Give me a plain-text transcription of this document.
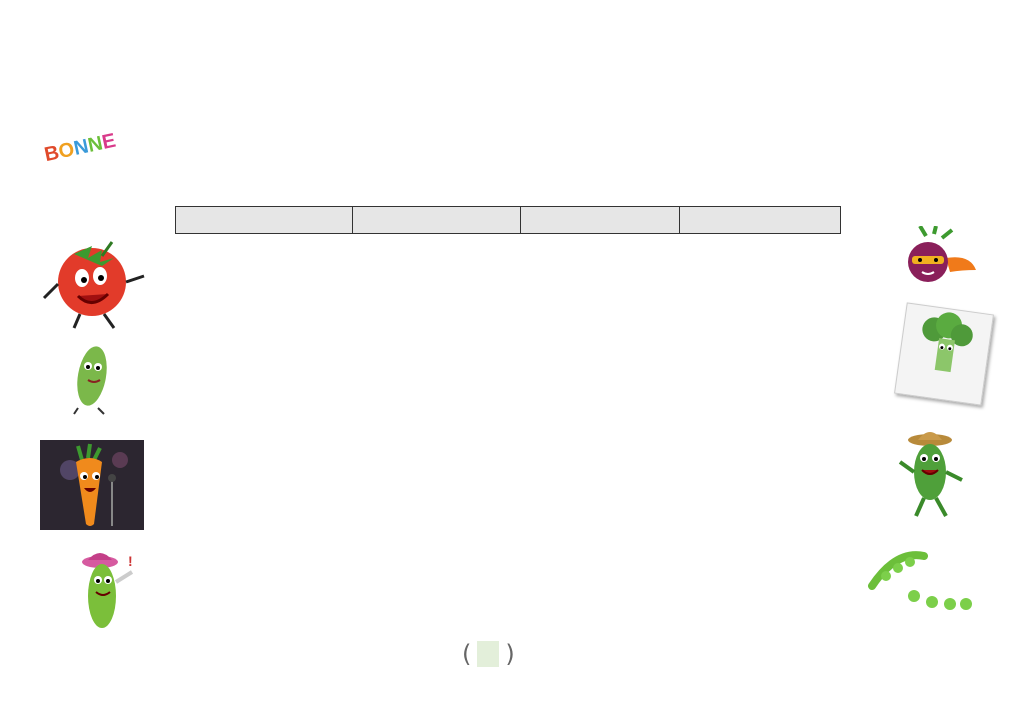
BONNE
!

( )
